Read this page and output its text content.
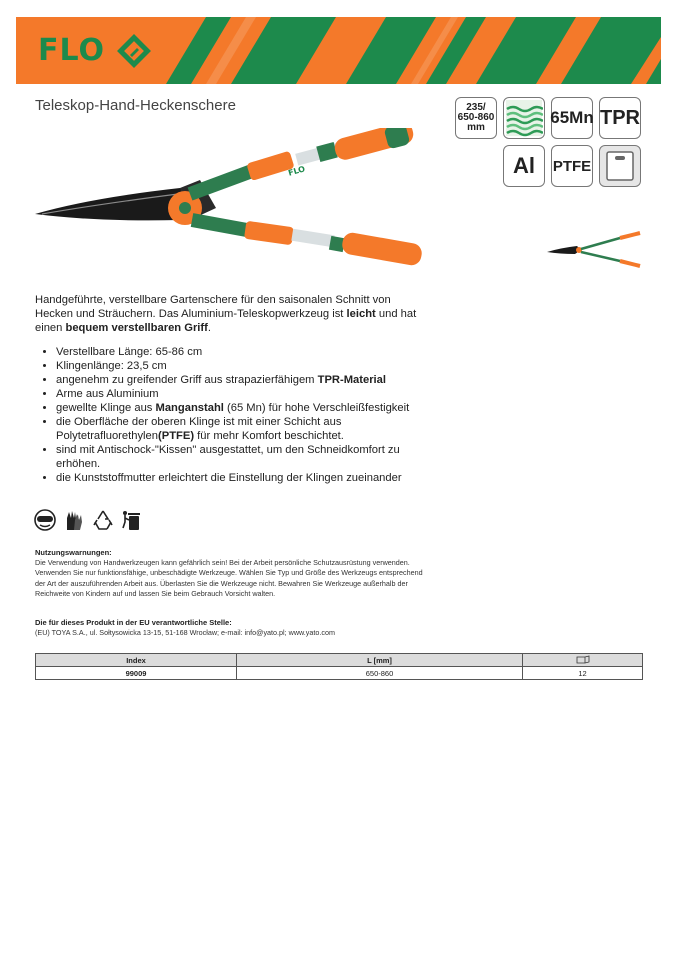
FLO
Teleskop-Hand-Heckenschere	235/
650-860
mm
65Mn TPR
Al	PTFE
FLO
Handgeführte, verstellbare Gartenschere für den saisonalen Schnitt von Hecken und Sträuchern. Das Aluminium-Teleskopwerkzeug ist leicht und hat einen bequem verstellbaren Griff.
• Verstellbare Länge: 65-86 cm
• Klingenlänge: 23,5 cm
• angenehm zu greifender Griff aus strapazierfähigem TPR-Material
• Arme aus Aluminium
• gewellte Klinge aus Manganstahl (65 Mn) für hohe Verschleißfestigkeit
• die Oberfläche der oberen Klinge ist mit einer Schicht aus Polytetrafluorethylen(PTFE) für mehr Komfort beschichtet.
• sind mit Antischock-"Kissen" ausgestattet, um den Schneidkomfort zu erhöhen.
• die Kunststoffmutter erleichtert die Einstellung der Klingen zueinander
Nutzungswarnungen:
Die Verwendung von Handwerkzeugen kann gefährlich sein! Bei der Arbeit persönliche Schutzausrüstung verwenden. Verwenden Sie nur funktionsfähige, unbeschädigte Werkzeuge. Wählen Sie Typ und Größe des Werkzeugs entsprechend der Art der auszuführenden Arbeit aus. Überlasten Sie die Werkzeuge nicht. Bewahren Sie Werkzeuge außerhalb der Reichweite von Kindern auf und lassen Sie beim Gebrauch Vorsicht walten.
Die für dieses Produkt in der EU verantwortliche Stelle:
(EU) TOYA S.A., ul. Sołtysowicka 13-15, 51-168 Wrocław; e-mail: info@yato.pl; www.yato.com
Index	L [mm]	
99009	650-860	12
